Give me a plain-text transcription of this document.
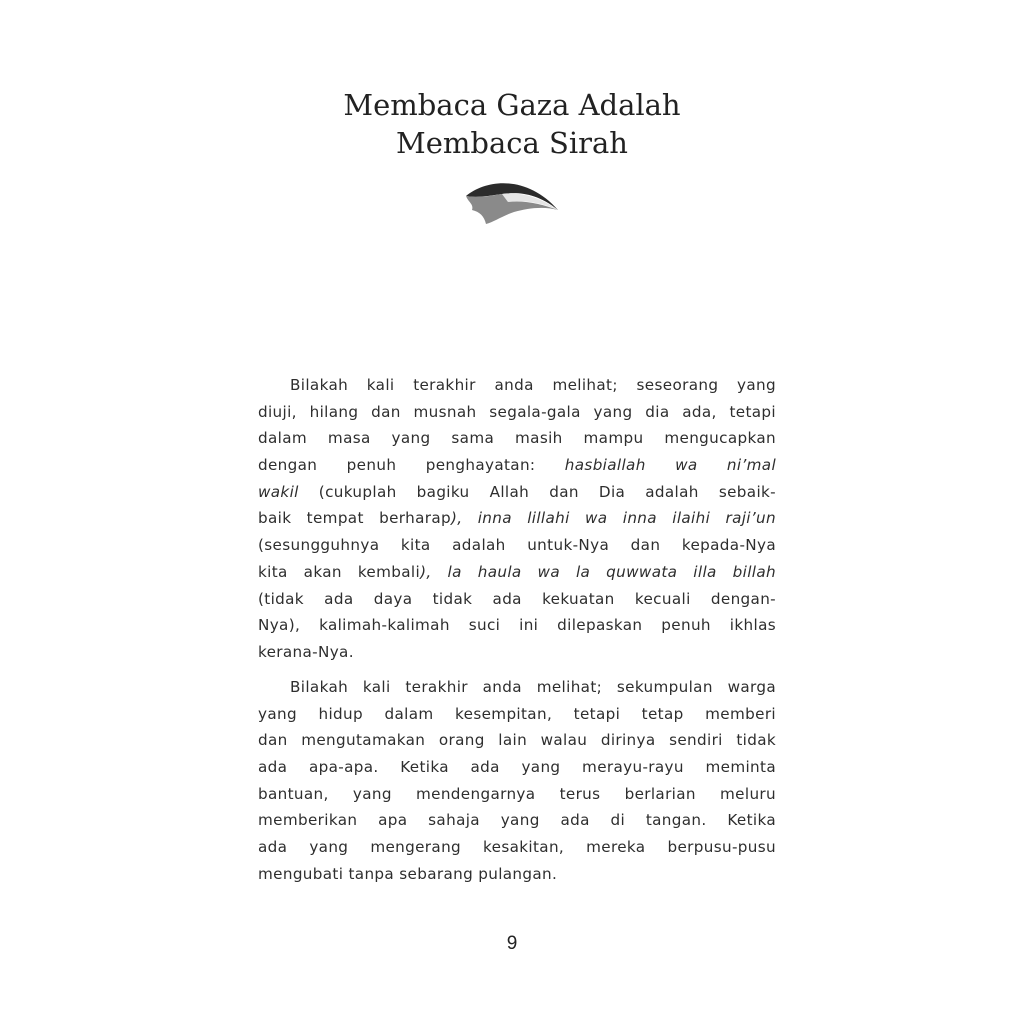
Membaca Gaza Adalah
Membaca Sirah
Bilakah kali terakhir anda melihat; seseorang yang
diuji, hilang dan musnah segala-gala yang dia ada, tetapi
dalam masa yang sama masih mampu mengucapkan
dengan penuh penghayatan: hasbiallah wa ni’mal
wakil (cukuplah bagiku Allah dan Dia adalah sebaik-
baik tempat berharap), inna lillahi wa inna ilaihi raji’un
(sesungguhnya kita adalah untuk-Nya dan kepada-Nya
kita akan kembali), la haula wa la quwwata illa billah
(tidak ada daya tidak ada kekuatan kecuali dengan-
Nya), kalimah-kalimah suci ini dilepaskan penuh ikhlas
kerana-Nya.
Bilakah kali terakhir anda melihat; sekumpulan warga
yang hidup dalam kesempitan, tetapi tetap memberi
dan mengutamakan orang lain walau dirinya sendiri tidak
ada apa-apa. Ketika ada yang merayu-rayu meminta
bantuan, yang mendengarnya terus berlarian meluru
memberikan apa sahaja yang ada di tangan. Ketika
ada yang mengerang kesakitan, mereka berpusu-pusu
mengubati tanpa sebarang pulangan.
9
